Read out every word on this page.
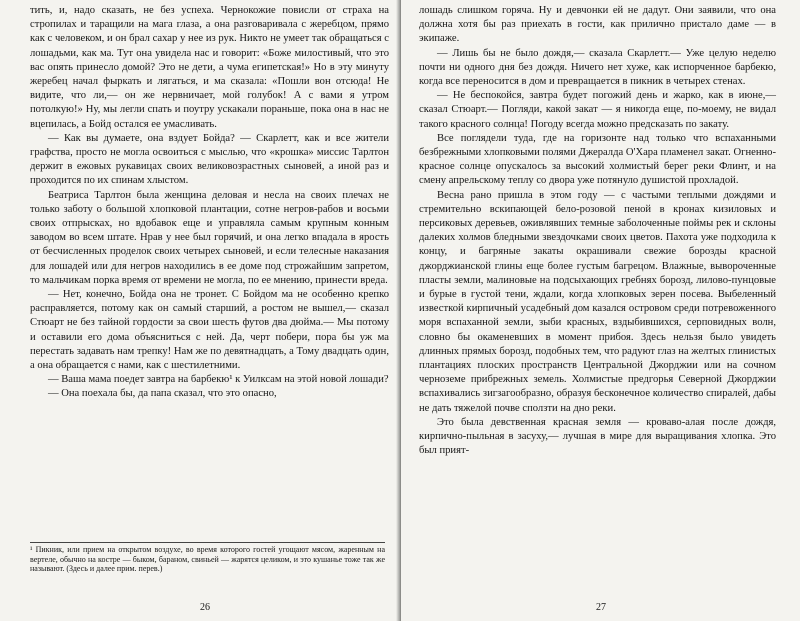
тить, и, надо сказать, не без успеха. Чернокожие повисли от страха на стропилах и таращили на мага глаза, а она разговаривала с жеребцом, прямо как с человеком, и он брал сахар у нее из рук. Никто не умеет так обращаться с лошадьми, как ма. Тут она увидела нас и говорит: «Боже милостивый, что это вас опять принесло домой? Это не дети, а чума египетская!» Но в эту минуту жеребец начал фыркать и лягаться, и ма сказала: «Пошли вон отсюда! Не видите, что ли,— он же нервничает, мой голубок! А с вами я утром потолкую!» Ну, мы легли спать и поутру ускакали пораньше, пока она в нас не вцепилась, а Бойд остался ее умасливать.

— Как вы думаете, она вздует Бойда? — Скарлетт, как и все жители графства, просто не могла освоиться с мыслью, что «крошка» миссис Тарлтон держит в ежовых рукавицах своих великовозрастных сыновей, а иной раз и проходится по их спинам хлыстом.

Беатриса Тарлтон была женщина деловая и несла на своих плечах не только заботу о большой хлопковой плантации, сотне негров-рабов и восьми своих отпрысках, но вдобавок еще и управляла самым крупным конным заводом во всем штате. Нрав у нее был горячий, и она легко впадала в ярость от бесчисленных проделок своих четырех сыновей, и если телесные наказания для лошадей или для негров находились в ее доме под строжайшим запретом, то мальчикам порка время от времени не могла, по ее мнению, принести вреда.

— Нет, конечно, Бойда она не тронет. С Бойдом ма не особенно крепко расправляется, потому как он самый старший, а ростом не вышел,— сказал Стюарт не без тайной гордости за свои шесть футов два дюйма.— Мы потому и оставили его дома объясниться с ней. Да, черт побери, пора бы уж ма перестать задавать нам трепку! Нам же по девятнадцать, а Тому двадцать один, а она обращается с нами, как с шестилетними.

— Ваша мама поедет завтра на барбекю¹ к Уилксам на этой новой лошади?

— Она поехала бы, да папа сказал, что это опасно,

¹ Пикник, или прием на открытом воздухе, во время которого гостей угощают мясом, жаренным на вертеле, обычно на костре — быком, бараном, свиньей — жарятся целиком, и это кушанье тоже так же называют. (Здесь и далее прим. перев.)

26

лошадь слишком горяча. Ну и девчонки ей не дадут. Они заявили, что она должна хотя бы раз приехать в гости, как прилично пристало даме — в экипаже.

— Лишь бы не было дождя,— сказала Скарлетт.— Уже целую неделю почти ни одного дня без дождя. Ничего нет хуже, как испорченное барбекю, когда все переносится в дом и превращается в пикник в четырех стенах.

— Не беспокойся, завтра будет погожий день и жарко, как в июне,— сказал Стюарт.— Погляди, какой закат — я никогда еще, по-моему, не видал такого красного солнца! Погоду всегда можно предсказать по закату.

Все поглядели туда, где на горизонте над только что вспаханными безбрежными хлопковыми полями Джералда О'Хара пламенел закат. Огненно-красное солнце опускалось за высокий холмистый берег реки Флинт, и на смену апрельскому теплу со двора уже потянуло душистой прохладой.

Весна рано пришла в этом году — с частыми теплыми дождями и стремительно вскипающей бело-розовой пеной в кронах кизиловых и персиковых деревьев, оживлявших темные заболоченные поймы рек и склоны далеких холмов бледными звездочками своих цветов. Пахота уже подходила к концу, и багряные закаты окрашивали свежие борозды красной джорджианской глины еще более густым багрецом. Влажные, вывороченные пласты земли, малиновые на подсыхающих гребнях борозд, лилово-пунцовые и бурые в густой тени, ждали, когда хлопковых зерен посева. Выбеленный известкой кирпичный усадебный дом казался островом среди потревоженного моря вспаханной земли, зыби красных, вздыбившихся, серповидных волн, словно бы окаменевших в момент прибоя. Здесь нельзя было увидеть длинных прямых борозд, подобных тем, что радуют глаз на желтых глинистых плантациях плоских пространств Центральной Джорджии или на сочном черноземе прибрежных земель. Холмистые предгорья Северной Джорджии вспахивались зигзагообразно, образуя бесконечное количество спиралей, дабы не дать тяжелой почве сползти на дно реки.

Это была девственная красная земля — кроваво-алая после дождя, кирпично-пыльная в засуху,— лучшая в мире для выращивания хлопка. Это был прият-

27
